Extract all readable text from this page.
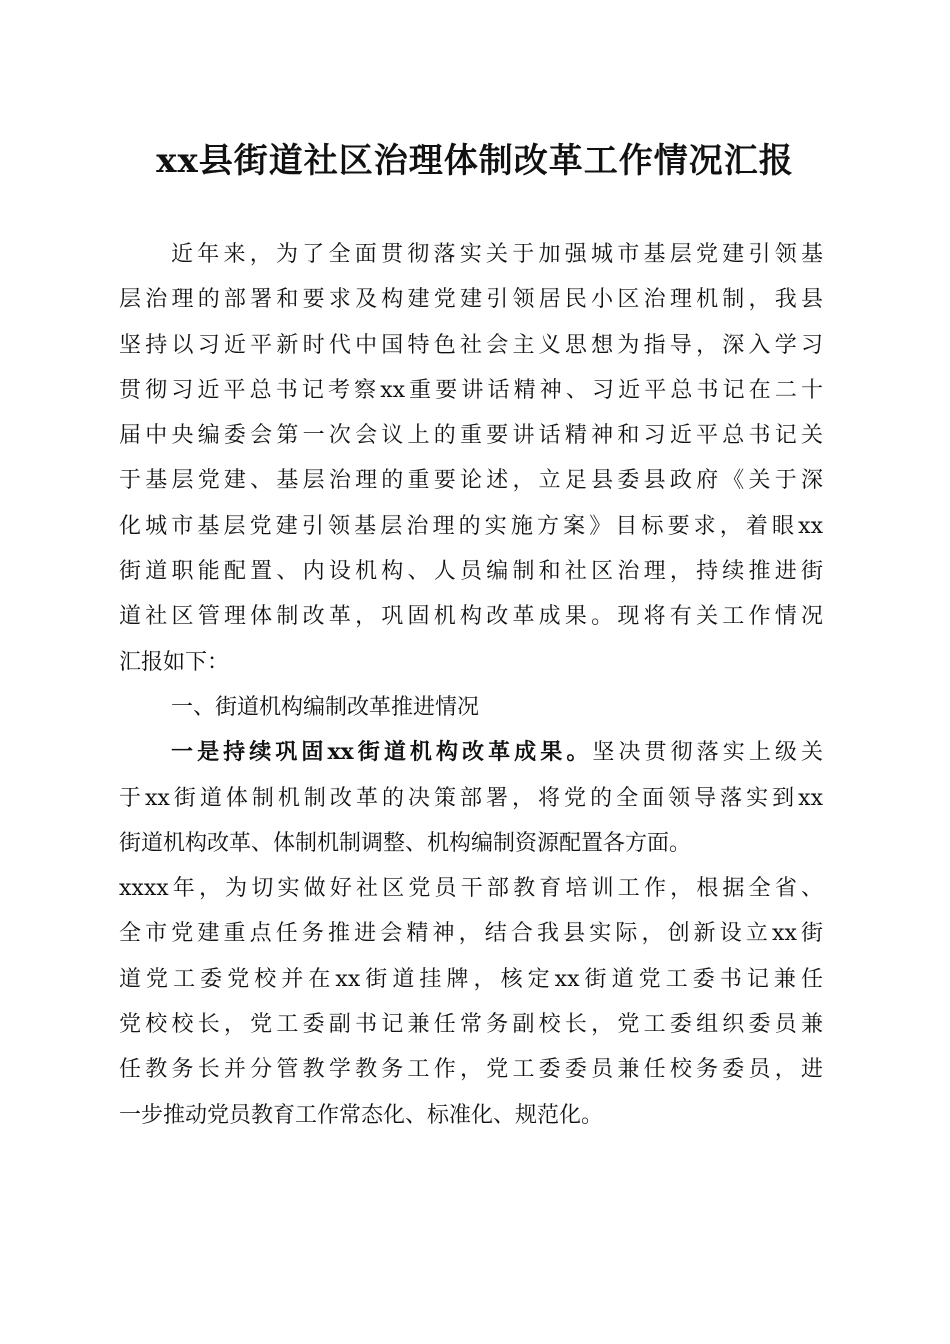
xx县街道社区治理体制改革工作情况汇报
近年来，为了全面贯彻落实关于加强城市基层党建引领基
层治理的部署和要求及构建党建引领居民小区治理机制，我县
坚持以习近平新时代中国特色社会主义思想为指导，深入学习
贯彻习近平总书记考察xx重要讲话精神、习近平总书记在二十
届中央编委会第一次会议上的重要讲话精神和习近平总书记关
于基层党建、基层治理的重要论述，立足县委县政府《关于深
化城市基层党建引领基层治理的实施方案》目标要求，着眼xx
街道职能配置、内设机构、人员编制和社区治理，持续推进街
道社区管理体制改革，巩固机构改革成果。现将有关工作情况
汇报如下：
一、街道机构编制改革推进情况
一是持续巩固xx街道机构改革成果。坚决贯彻落实上级关
于xx街道体制机制改革的决策部署，将党的全面领导落实到xx
街道机构改革、体制机制调整、机构编制资源配置各方面。
xxxx年，为切实做好社区党员干部教育培训工作，根据全省、
全市党建重点任务推进会精神，结合我县实际，创新设立xx街
道党工委党校并在xx街道挂牌，核定xx街道党工委书记兼任
党校校长，党工委副书记兼任常务副校长，党工委组织委员兼
任教务长并分管教学教务工作，党工委委员兼任校务委员，进
一步推动党员教育工作常态化、标准化、规范化。
